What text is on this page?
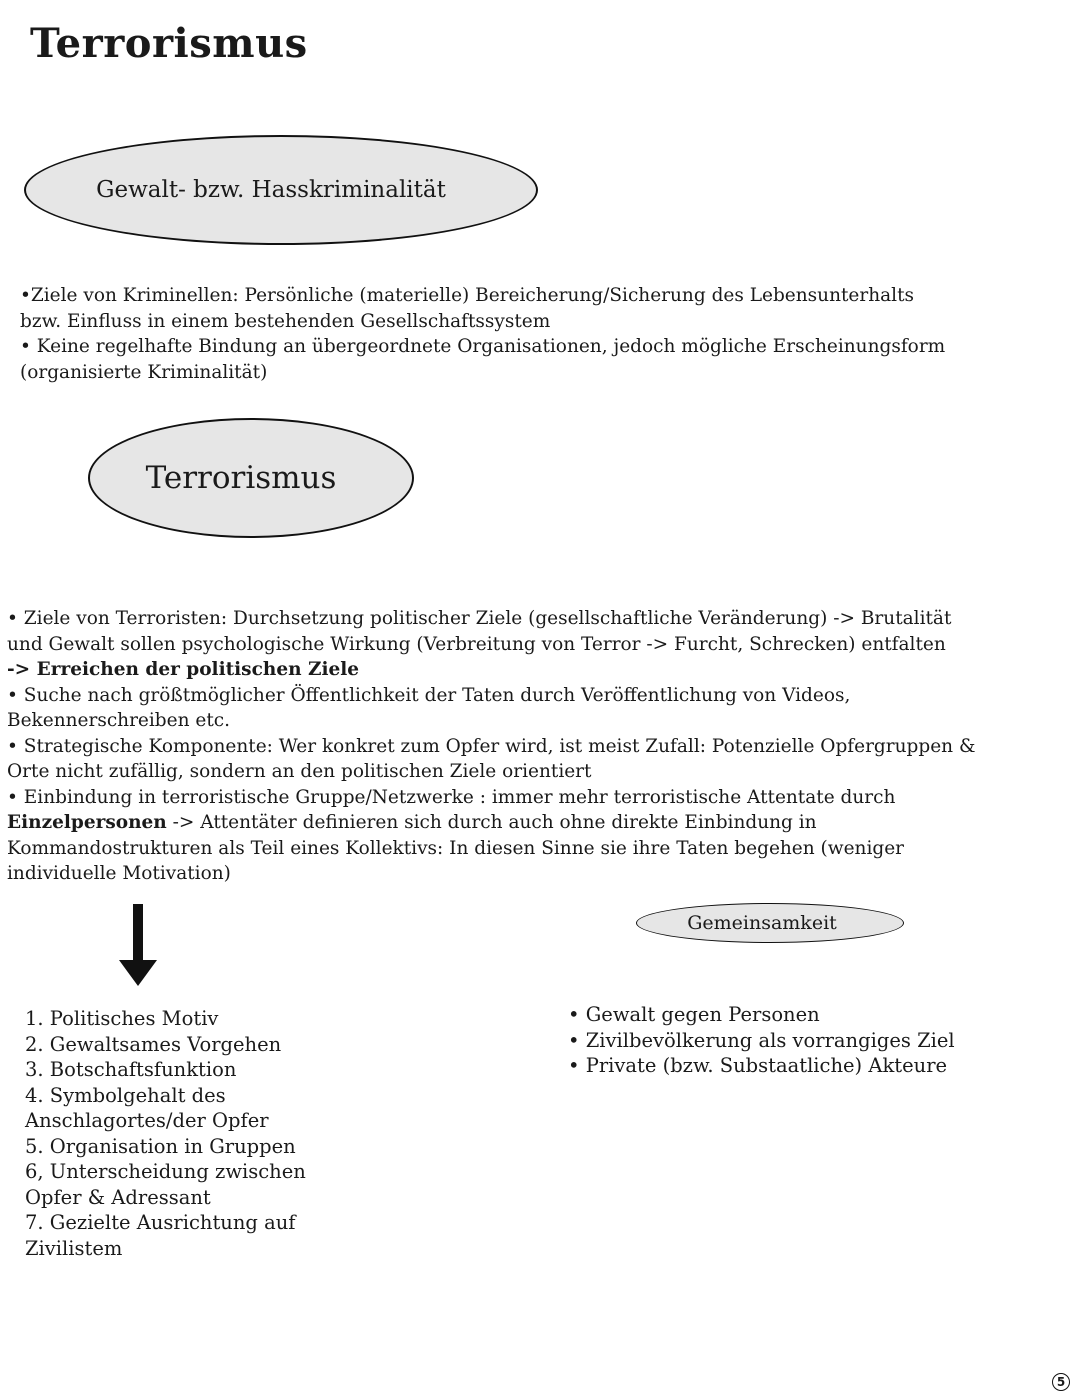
Terrorismus
Gewalt- bzw. Hasskriminalität

•Ziele von Kriminellen: Persönliche (materielle) Bereicherung/Sicherung des Lebensunterhalts

bzw. Einfluss in einem bestehenden Gesellschaftssystem

• Keine regelhafte Bindung an übergeordnete Organisationen, jedoch mögliche Erscheinungsform

(organisierte Kriminalität)

Terrorismus

• Ziele von Terroristen: Durchsetzung politischer Ziele (gesellschaftliche Veränderung) -> Brutalität

und Gewalt sollen psychologische Wirkung (Verbreitung von Terror -> Furcht, Schrecken) entfalten

-> Erreichen der politischen Ziele

• Suche nach größtmöglicher Öffentlichkeit der Taten durch Veröffentlichung von Videos,

Bekennerschreiben etc.

• Strategische Komponente: Wer konkret zum Opfer wird, ist meist Zufall: Potenzielle Opfergruppen &

Orte nicht zufällig, sondern an den politischen Ziele orientiert

• Einbindung in terroristische Gruppe/Netzwerke : immer mehr terroristische Attentate durch

Einzelpersonen -> Attentäter definieren sich durch auch ohne direkte Einbindung in

Kommandostrukturen als Teil eines Kollektivs: In diesen Sinne sie ihre Taten begehen (weniger

individuelle Motivation)

Gemeinsamkeit

1. Politisches Motiv

2. Gewaltsames Vorgehen

3. Botschaftsfunktion

4. Symbolgehalt des

Anschlagortes/der Opfer

5. Organisation in Gruppen

6, Unterscheidung zwischen

Opfer & Adressant

7. Gezielte Ausrichtung auf

Zivilistem

• Gewalt gegen Personen

• Zivilbevölkerung als vorrangiges Ziel

• Private (bzw. Substaatliche) Akteure

5
